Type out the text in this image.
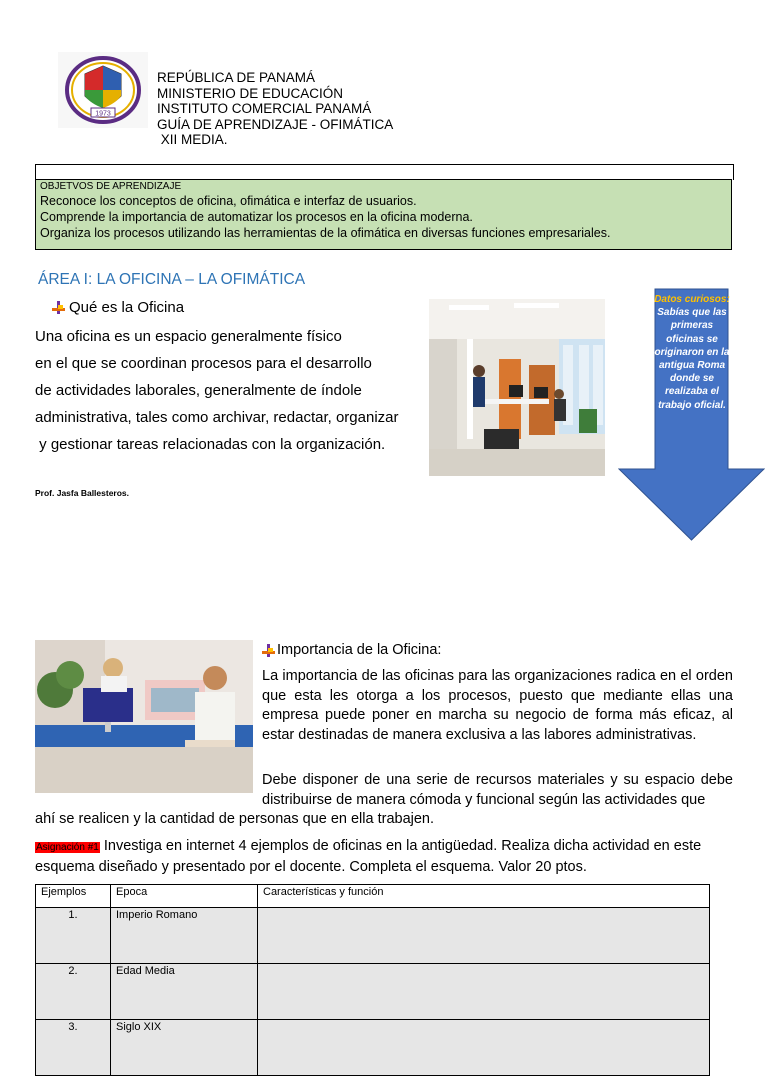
1973
REPÚBLICA DE PANAMÁ
MINISTERIO DE EDUCACIÓN
INSTITUTO COMERCIAL PANAMÁ
GUÍA DE APRENDIZAJE - OFIMÁTICA
XII MEDIA.
OBJETVOS DE APRENDIZAJE
Reconoce los conceptos de oficina, ofimática e interfaz de usuarios.
Comprende la importancia de automatizar los procesos en la oficina moderna.
Organiza los procesos utilizando las herramientas de la ofimática en diversas funciones empresariales.
ÁREA I: LA OFICINA – LA OFIMÁTICA
Qué es la Oficina
Una oficina es un espacio generalmente físico
en el que se coordinan procesos para el desarrollo
de actividades laborales, generalmente de índole
administrativa, tales como archivar, redactar, organizar
y gestionar tareas relacionadas con la organización.
Prof. Jasfa Ballesteros.
Datos curiosos:
Sabías que las primeras oficinas se originaron en la antigua Roma donde se realizaba el trabajo oficial.
Importancia de la Oficina:
La importancia de las oficinas para las organizaciones radica en el orden que esta les otorga a los procesos, puesto que mediante ellas una empresa puede poner en marcha su negocio de forma más eficaz, al estar destinadas de manera exclusiva a las labores administrativas.
Debe disponer de una serie de recursos materiales y su espacio debe distribuirse de manera cómoda y funcional según las actividades que
ahí se realicen y la cantidad de personas que en ella trabajen.
Asignación #1 Investiga en internet 4 ejemplos de oficinas en la antigüedad. Realiza dicha actividad en este esquema diseñado y presentado por el docente. Completa el esquema. Valor 20 ptos.
Ejemplos	Epoca	Características y función
1.	Imperio Romano	
2.	Edad Media	
3.	Siglo XIX	
